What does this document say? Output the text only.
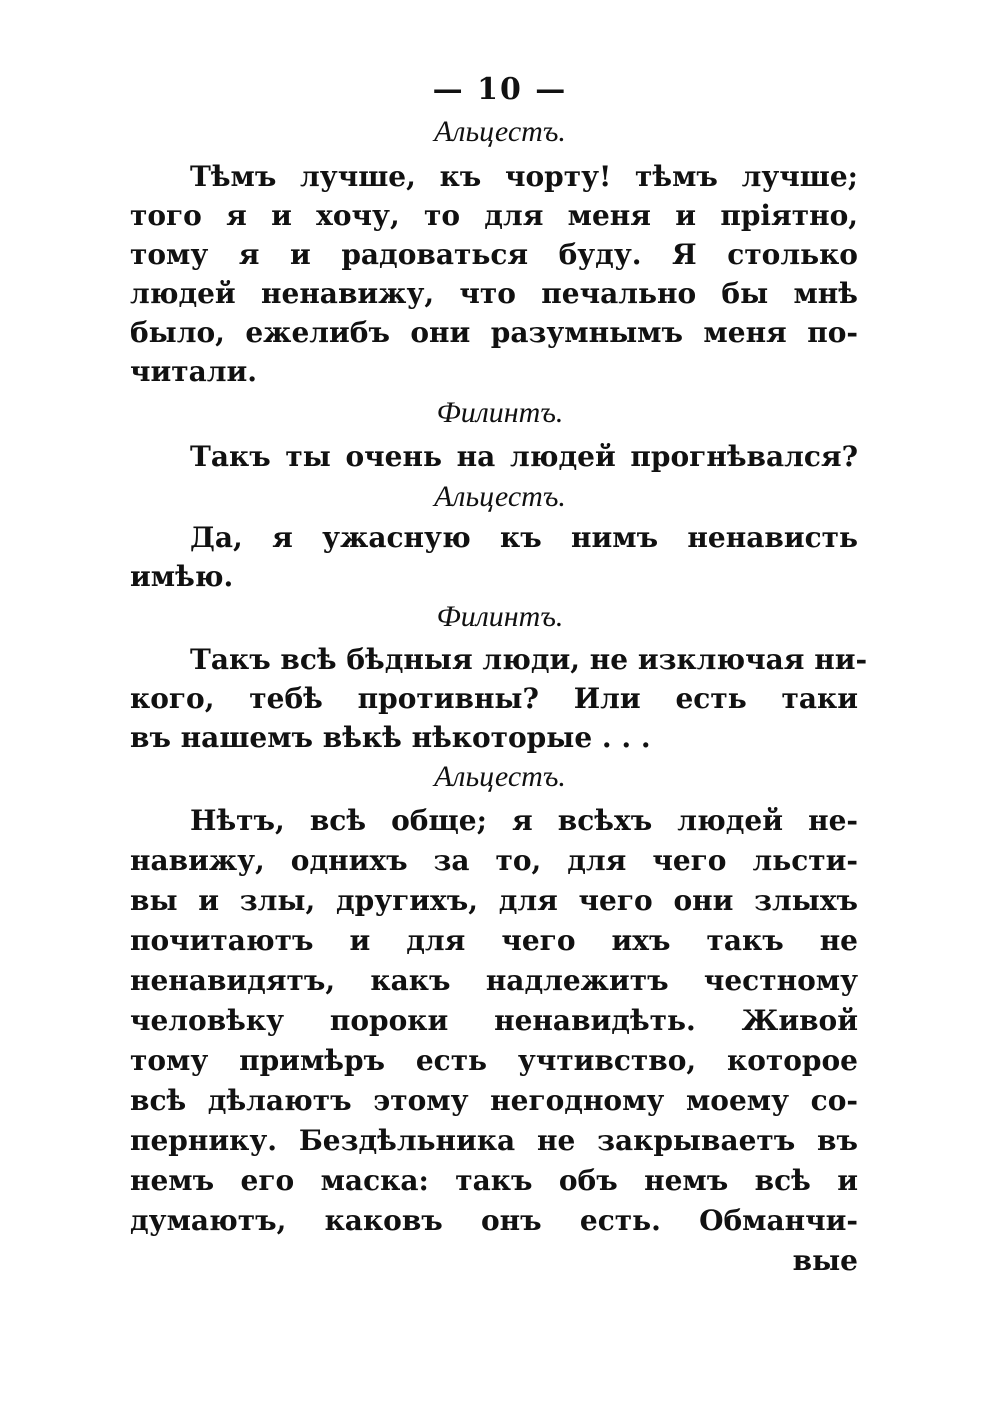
— 10 —
Альцестъ.
Тѣмъ лучше, къ чорту! тѣмъ лучше;
того я и хочу, то для меня и пріятно,
тому я и радоваться буду. Я столько
людей ненавижу, что печально бы мнѣ
было, ежелибъ они разумнымъ меня по-
читали.
Филинтъ.
Такъ ты очень на людей прогнѣвался?
Альцестъ.
Да, я ужасную къ нимъ ненависть
имѣю.
Филинтъ.
Такъ всѣ бѣдныя люди, не изключая ни-
кого, тебѣ противны? Или есть таки
въ нашемъ вѣкѣ нѣкоторые . . .
Альцестъ.
Нѣтъ, всѣ обще; я всѣхъ людей не-
навижу, однихъ за то, для чего льсти-
вы и злы, другихъ, для чего они злыхъ
почитаютъ и для чего ихъ такъ не
ненавидятъ, какъ надлежитъ честному
человѣку пороки ненавидѣть. Живой
тому примѣръ есть учтивство, которое
всѣ дѣлаютъ этому негодному моему со-
пернику. Бездѣльника не закрываетъ въ
немъ его маска: такъ объ немъ всѣ и
думаютъ, каковъ онъ есть. Обманчи-
вые
